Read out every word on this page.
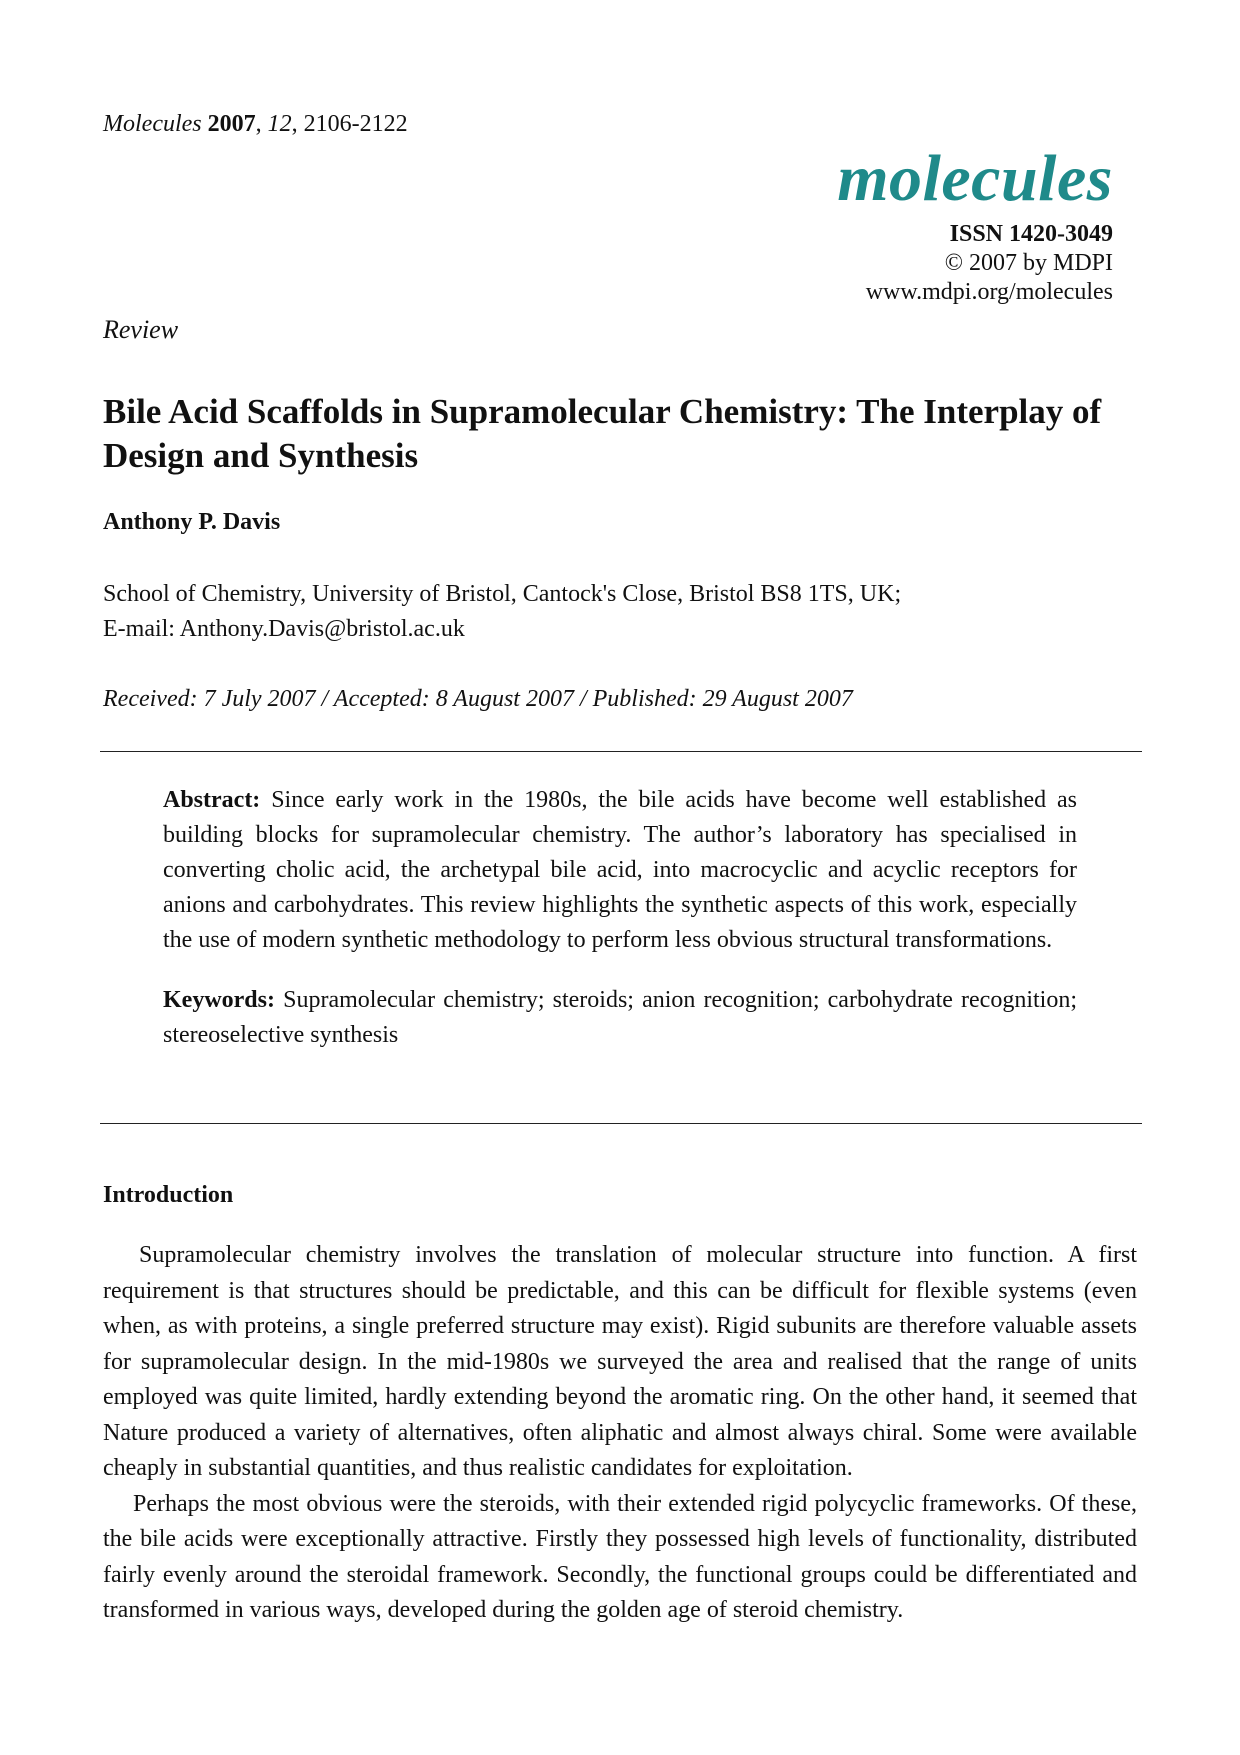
Molecules 2007, 12, 2106-2122
molecules
ISSN 1420-3049
© 2007 by MDPI
www.mdpi.org/molecules
Review
Bile Acid Scaffolds in Supramolecular Chemistry: The Interplay of Design and Synthesis
Anthony P. Davis
School of Chemistry, University of Bristol, Cantock's Close, Bristol BS8 1TS, UK;
E-mail: Anthony.Davis@bristol.ac.uk
Received: 7 July 2007 / Accepted: 8 August 2007 / Published: 29 August 2007

Abstract: Since early work in the 1980s, the bile acids have become well established as building blocks for supramolecular chemistry. The author’s laboratory has specialised in converting cholic acid, the archetypal bile acid, into macrocyclic and acyclic receptors for anions and carbohydrates. This review highlights the synthetic aspects of this work, especially the use of modern synthetic methodology to perform less obvious structural transformations.

Keywords: Supramolecular chemistry; steroids; anion recognition; carbohydrate recognition; stereoselective synthesis

Introduction

Supramolecular chemistry involves the translation of molecular structure into function. A first requirement is that structures should be predictable, and this can be difficult for flexible systems (even when, as with proteins, a single preferred structure may exist). Rigid subunits are therefore valuable assets for supramolecular design. In the mid-1980s we surveyed the area and realised that the range of units employed was quite limited, hardly extending beyond the aromatic ring. On the other hand, it seemed that Nature produced a variety of alternatives, often aliphatic and almost always chiral. Some were available cheaply in substantial quantities, and thus realistic candidates for exploitation.

Perhaps the most obvious were the steroids, with their extended rigid polycyclic frameworks. Of these, the bile acids were exceptionally attractive. Firstly they possessed high levels of functionality, distributed fairly evenly around the steroidal framework. Secondly, the functional groups could be differentiated and transformed in various ways, developed during the golden age of steroid chemistry.
